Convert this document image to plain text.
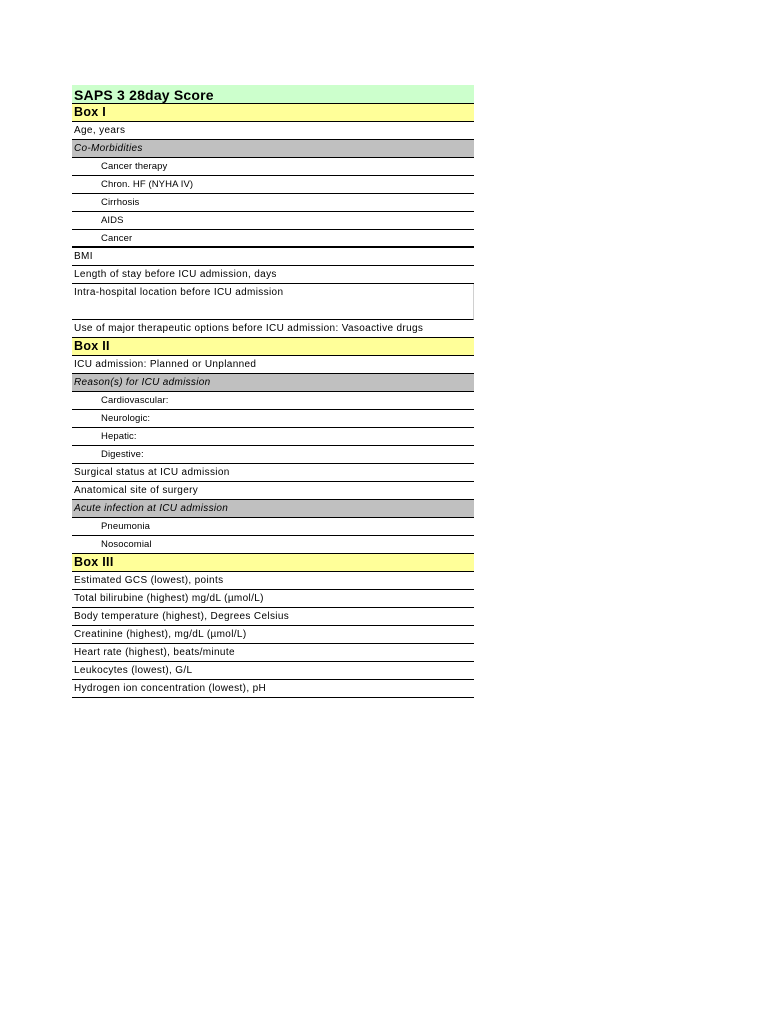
SAPS 3 28day Score
Box I
Age, years
Co-Morbidities
Cancer therapy
Chron. HF (NYHA IV)
Cirrhosis
AIDS
Cancer
BMI
Length of stay before ICU admission, days
Intra-hospital location before ICU admission
Use of major therapeutic options before ICU admission: Vasoactive drugs
Box II
ICU admission: Planned or Unplanned
Reason(s) for ICU admission
Cardiovascular:
Neurologic:
Hepatic:
Digestive:
Surgical status at ICU admission
Anatomical site of surgery
Acute infection at ICU admission
Pneumonia
Nosocomial
Box III
Estimated GCS (lowest), points
Total bilirubine (highest) mg/dL (µmol/L)
Body temperature (highest), Degrees Celsius
Creatinine (highest), mg/dL (µmol/L)
Heart rate (highest), beats/minute
Leukocytes (lowest), G/L
Hydrogen ion concentration (lowest), pH
